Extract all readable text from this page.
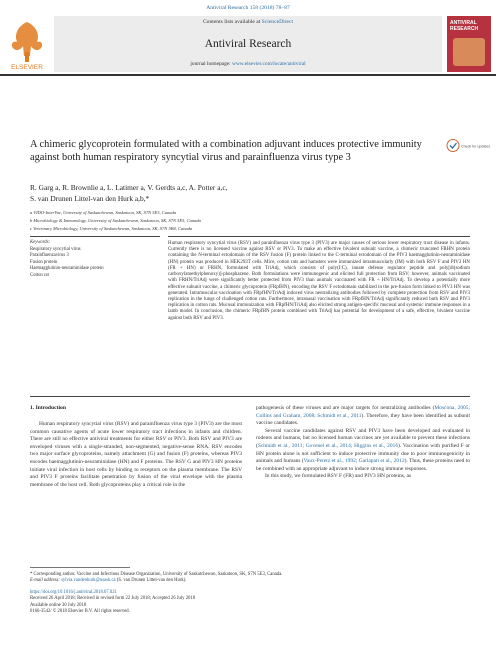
Antiviral Research 158 (2018) 78–87
ELSEVIER
Contents lists available at ScienceDirect
Antiviral Research
journal homepage: www.elsevier.com/locate/antiviral
ANTIVIRAL RESEARCH
Check for updates
A chimeric glycoprotein formulated with a combination adjuvant induces protective immunity against both human respiratory syncytial virus and parainfluenza virus type 3
R. Garg a, R. Brownlie a, L. Latimer a, V. Gerdts a,c, A. Potter a,c,
S. van Drunen Littel-van den Hurk a,b,*
a VIDO-InterVac, University of Saskatchewan, Saskatoon, SK, S7N 5E3, Canada
b Microbiology & Immunology, University of Saskatchewan, Saskatoon, SK, S7N 5E5, Canada
c Veterinary Microbiology, University of Saskatchewan, Saskatoon, SK, S7N 5B4, Canada
Keywords:
Respiratory syncytial virus
Parainfluenzavirus 3
Fusion protein
Haemagglutinin-neuraminidase protein
Cotton rat
Human respiratory syncytial virus (RSV) and parainfluenza virus type 3 (PIV3) are major causes of serious lower respiratory tract disease in infants. Currently there is no licensed vaccine against RSV or PIV3. To make an effective bivalent subunit vaccine, a chimeric truncated FRHN protein containing the N-terminal ectodomain of the RSV fusion (F) protein linked to the C-terminal ectodomain of the PIV3 haemagglutinin-neuraminidase (HN) protein was produced in HEK293T cells. Mice, cotton rats and hamsters were immunized intramuscularly (IM) with both RSV F and PIV3 HN (FR + HN) or FRHN, formulated with TriAdj, which consists of poly(I:C), innate defense regulator peptide and poly[di(sodium carboxylatoethylphenoxy)]-phosphazene. Both formulations were immunogenic and elicited full protection from RSV; however, animals vaccinated with FRHN/TriAdj were significantly better protected from PIV3 than animals vaccinated with FR + HN/TriAdj. To develop a potentially more effective subunit vaccine, a chimeric glycoprotein (FRpfHN), encoding the RSV F ectodomain stabilized in the pre-fusion form linked to PIV3 HN was generated. Intramuscular vaccination with FRpfHN/TriAdj induced virus neutralizing antibodies followed by complete protection from RSV and PIV3 replication in the lungs of challenged cotton rats. Furthermore, intranasal vaccination with FRpfHN/TriAdj significantly reduced both RSV and PIV3 replication in cotton rats. Mucosal immunization with FRpfHN/TriAdj also elicited strong antigen-specific mucosal and systemic immune responses in a lamb model. In conclusion, the chimeric FRpfHN protein combined with TriAdj has potential for development of a safe, effective, bivalent vaccine against both RSV and PIV3.
1. Introduction
Human respiratory syncytial virus (RSV) and parainfluenza virus type 3 (PIV3) are the most common causative agents of acute lower respiratory tract infections in infants and children. There are still no effective antiviral treatments for either RSV or PIV3. Both RSV and PIV3 are enveloped viruses with a single-stranded, non-segmented, negative-sense RNA. RSV encodes two major surface glycoproteins, namely attachment (G) and fusion (F) proteins, whereas PIV3 encodes haemagglutinin-neuraminidase (HN) and F proteins. The RSV G and PIV3 HN proteins initiate viral infection in host cells by binding to receptors on the plasma membrane. The RSV and PIV3 F proteins facilitate penetration by fusion of the viral envelope with the plasma membrane of the host cell. Both glycoproteins play a critical role in the
pathogenesis of these viruses and are major targets for neutralizing antibodies (Moscona, 2005; Collins and Graham, 2008; Schmidt et al., 2011). Therefore, they have been identified as subunit vaccine candidates.
Several vaccine candidates against RSV and PIV3 have been developed and evaluated in rodents and humans, but no licensed human vaccines are yet available to prevent these infections (Schmidt et al., 2011; Govenel et al., 2014; Higgins et al., 2016). Vaccination with purified F or HN protein alone is not sufficient to induce protective immunity due to poor immunogenicity in animals and humans (Vaux-Peretz et al., 1992; Garlapati et al., 2012). Thus, these proteins need to be combined with an appropriate adjuvant to induce strong immune responses.
In this study, we formulated RSV F (FR) and PIV3 HN proteins, as
* Corresponding author. Vaccine and Infectious Disease Organization, University of Saskatchewan, Saskatoon, SK, S7N 5E3, Canada.
E-mail address: sylvia.vandenhurk@usask.ca (S. van Drunen Littel-van den Hurk).
https://doi.org/10.1016/j.antiviral.2018.07.021
Received 26 April 2018; Received in revised form 22 July 2018; Accepted 26 July 2018
Available online 30 July 2018
0166-3542/ © 2018 Elsevier B.V. All rights reserved.
